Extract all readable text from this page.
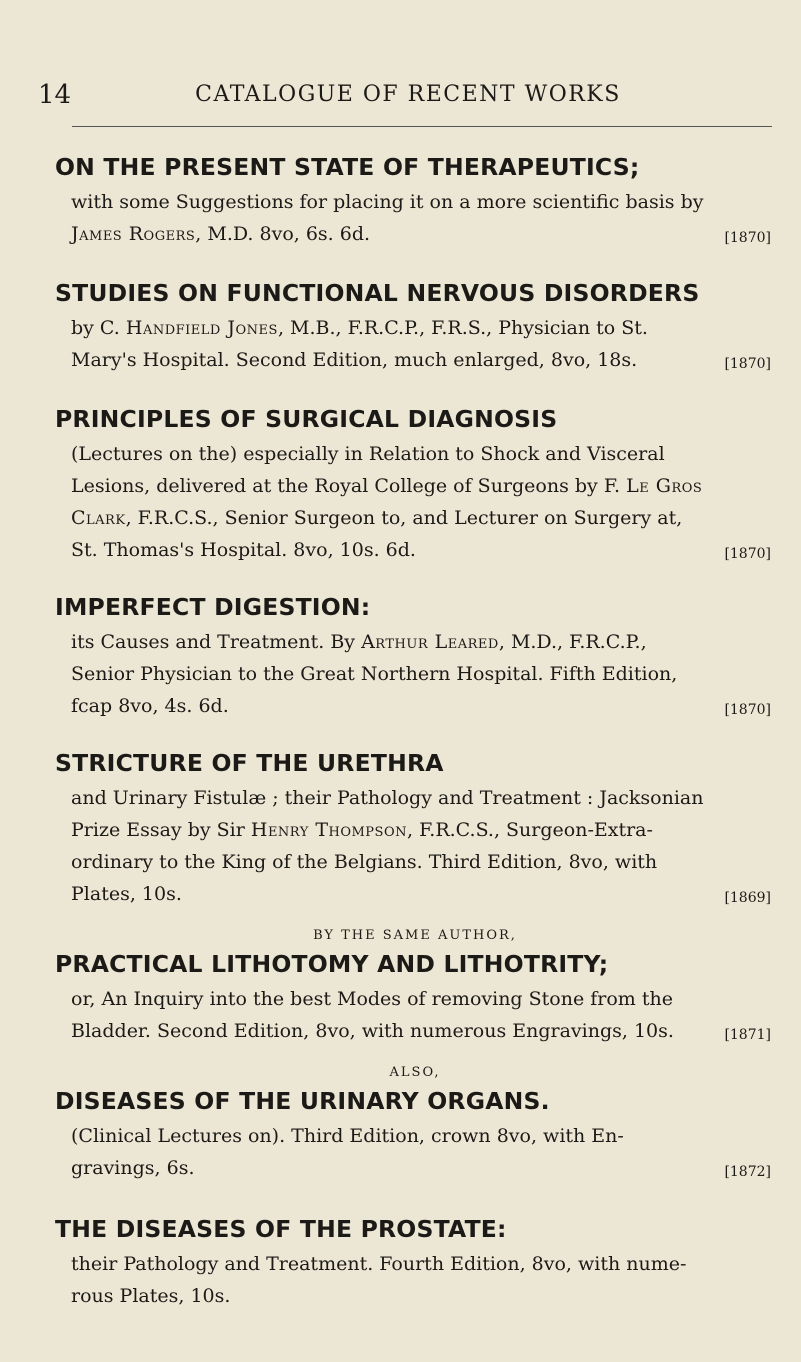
14	CATALOGUE OF RECENT WORKS
ON THE PRESENT STATE OF THERAPEUTICS;
with some Suggestions for placing it on a more scientific basis by
James Rogers, M.D. 8vo, 6s. 6d.	[1870]
STUDIES ON FUNCTIONAL NERVOUS DISORDERS
by C. Handfield Jones, M.B., F.R.C.P., F.R.S., Physician to St.
Mary's Hospital. Second Edition, much enlarged, 8vo, 18s.	[1870]
PRINCIPLES OF SURGICAL DIAGNOSIS
(Lectures on the) especially in Relation to Shock and Visceral
Lesions, delivered at the Royal College of Surgeons by F. Le Gros
Clark, F.R.C.S., Senior Surgeon to, and Lecturer on Surgery at,
St. Thomas's Hospital. 8vo, 10s. 6d.	[1870]
IMPERFECT DIGESTION:
its Causes and Treatment. By Arthur Leared, M.D., F.R.C.P.,
Senior Physician to the Great Northern Hospital. Fifth Edition,
fcap 8vo, 4s. 6d.	[1870]
STRICTURE OF THE URETHRA
and Urinary Fistulæ ; their Pathology and Treatment : Jacksonian
Prize Essay by Sir Henry Thompson, F.R.C.S., Surgeon-Extra-
ordinary to the King of the Belgians. Third Edition, 8vo, with
Plates, 10s.	[1869]
BY THE SAME AUTHOR,
PRACTICAL LITHOTOMY AND LITHOTRITY;
or, An Inquiry into the best Modes of removing Stone from the
Bladder. Second Edition, 8vo, with numerous Engravings, 10s.	[1871]
ALSO,
DISEASES OF THE URINARY ORGANS.
(Clinical Lectures on). Third Edition, crown 8vo, with En-
gravings, 6s.	[1872]
THE DISEASES OF THE PROSTATE:
their Pathology and Treatment. Fourth Edition, 8vo, with nume-
rous Plates, 10s.
